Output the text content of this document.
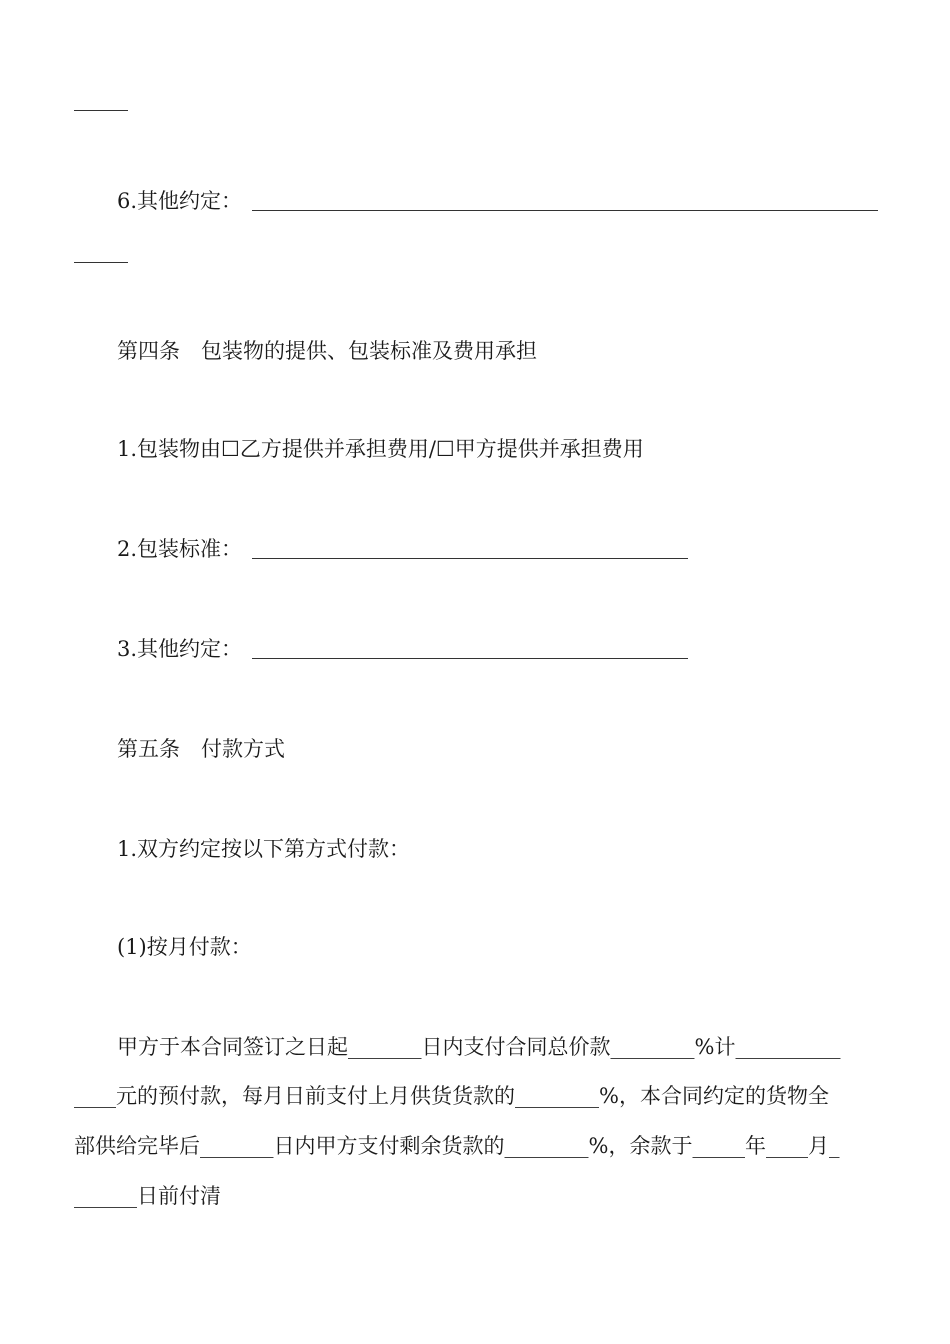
6.其他约定：
第四条　包装物的提供、包装标准及费用承担
1.包装物由☐乙方提供并承担费用/☐甲方提供并承担费用
2.包装标准：
3.其他约定：
第五条　付款方式
1.双方约定按以下第方式付款：
(1)按月付款：
甲方于本合同签订之日起_______日内支付合同总价款________%计__________
____元的预付款，每月日前支付上月供货货款的________%，本合同约定的货物全
部供给完毕后_______日内甲方支付剩余货款的________%，余款于_____年____月_
______日前付清
